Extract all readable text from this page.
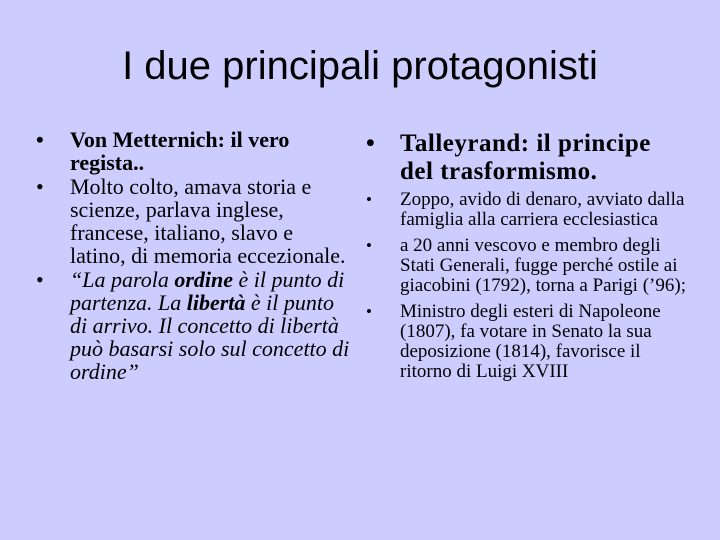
I due principali protagonisti
• Von Metternich: il vero regista..
• Molto colto, amava storia e scienze, parlava inglese, francese, italiano, slavo e latino, di memoria eccezionale.
• “La parola ordine è il punto di partenza. La libertà è il punto di arrivo. Il concetto di libertà può basarsi solo sul concetto di ordine”
• Talleyrand: il principe del trasformismo.
• Zoppo, avido di denaro, avviato dalla famiglia alla carriera ecclesiastica
• a 20 anni vescovo e membro degli Stati Generali, fugge perché ostile ai giacobini (1792), torna a Parigi (’96);
• Ministro degli esteri di Napoleone (1807), fa votare in Senato la sua deposizione (1814), favorisce il ritorno di Luigi XVIII
